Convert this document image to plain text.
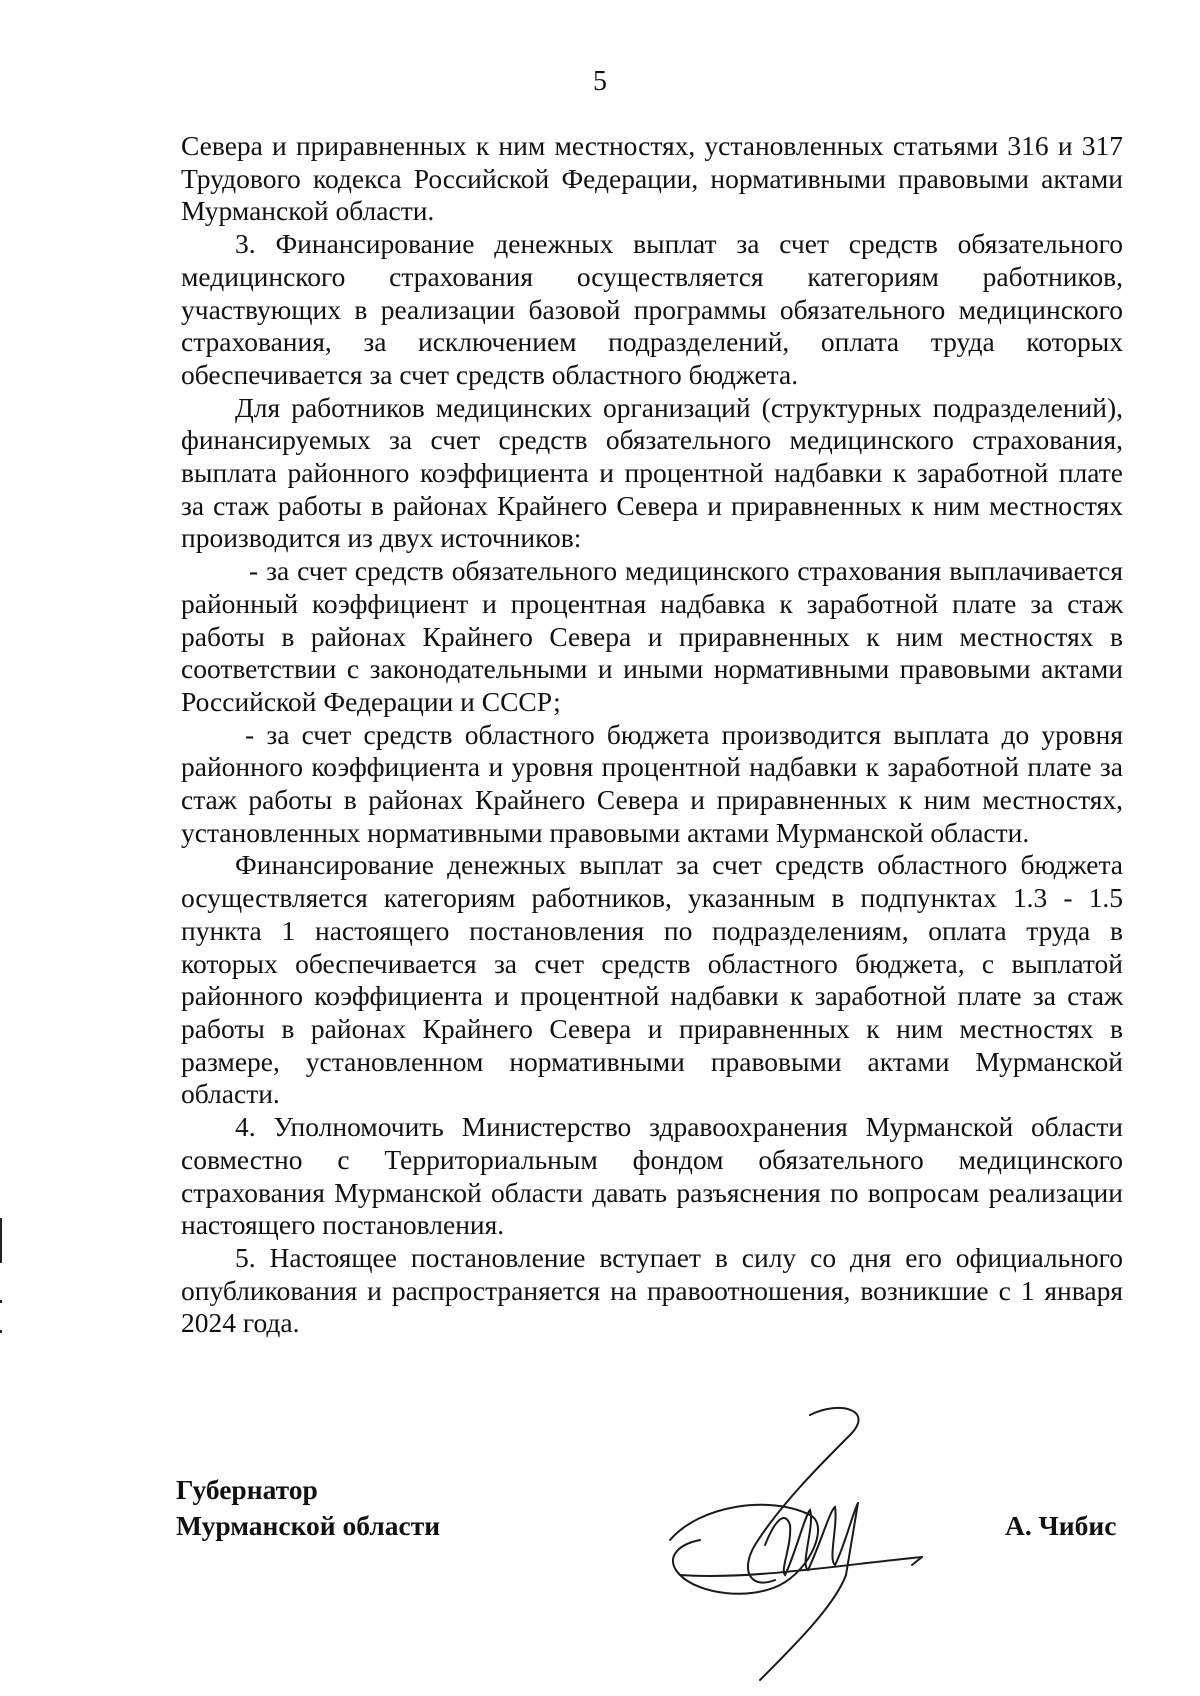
5

Севера и приравненных к ним местностях, установленных статьями 316 и 317 Трудового кодекса Российской Федерации, нормативными правовыми актами Мурманской области.

3. Финансирование денежных выплат за счет средств обязательного медицинского страхования осуществляется категориям работников, участвующих в реализации базовой программы обязательного медицинского страхования, за исключением подразделений, оплата труда которых обеспечивается за счет средств областного бюджета.

Для работников медицинских организаций (структурных подразделений), финансируемых за счет средств обязательного медицинского страхования, выплата районного коэффициента и процентной надбавки к заработной плате за стаж работы в районах Крайнего Севера и приравненных к ним местностях производится из двух источников:

- за счет средств обязательного медицинского страхования выплачивается районный коэффициент и процентная надбавка к заработной плате за стаж работы в районах Крайнего Севера и приравненных к ним местностях в соответствии с законодательными и иными нормативными правовыми актами Российской Федерации и СССР;

- за счет средств областного бюджета производится выплата до уровня районного коэффициента и уровня процентной надбавки к заработной плате за стаж работы в районах Крайнего Севера и приравненных к ним местностях, установленных нормативными правовыми актами Мурманской области.

Финансирование денежных выплат за счет средств областного бюджета осуществляется категориям работников, указанным в подпунктах 1.3 - 1.5 пункта 1 настоящего постановления по подразделениям, оплата труда в которых обеспечивается за счет средств областного бюджета, с выплатой районного коэффициента и процентной надбавки к заработной плате за стаж работы в районах Крайнего Севера и приравненных к ним местностях в размере, установленном нормативными правовыми актами Мурманской области.

4. Уполномочить Министерство здравоохранения Мурманской области совместно с Территориальным фондом обязательного медицинского страхования Мурманской области давать разъяснения по вопросам реализации настоящего постановления.

5. Настоящее постановление вступает в силу со дня его официального опубликования и распространяется на правоотношения, возникшие с 1 января 2024 года.

Губернатор
Мурманской области	А. Чибис
